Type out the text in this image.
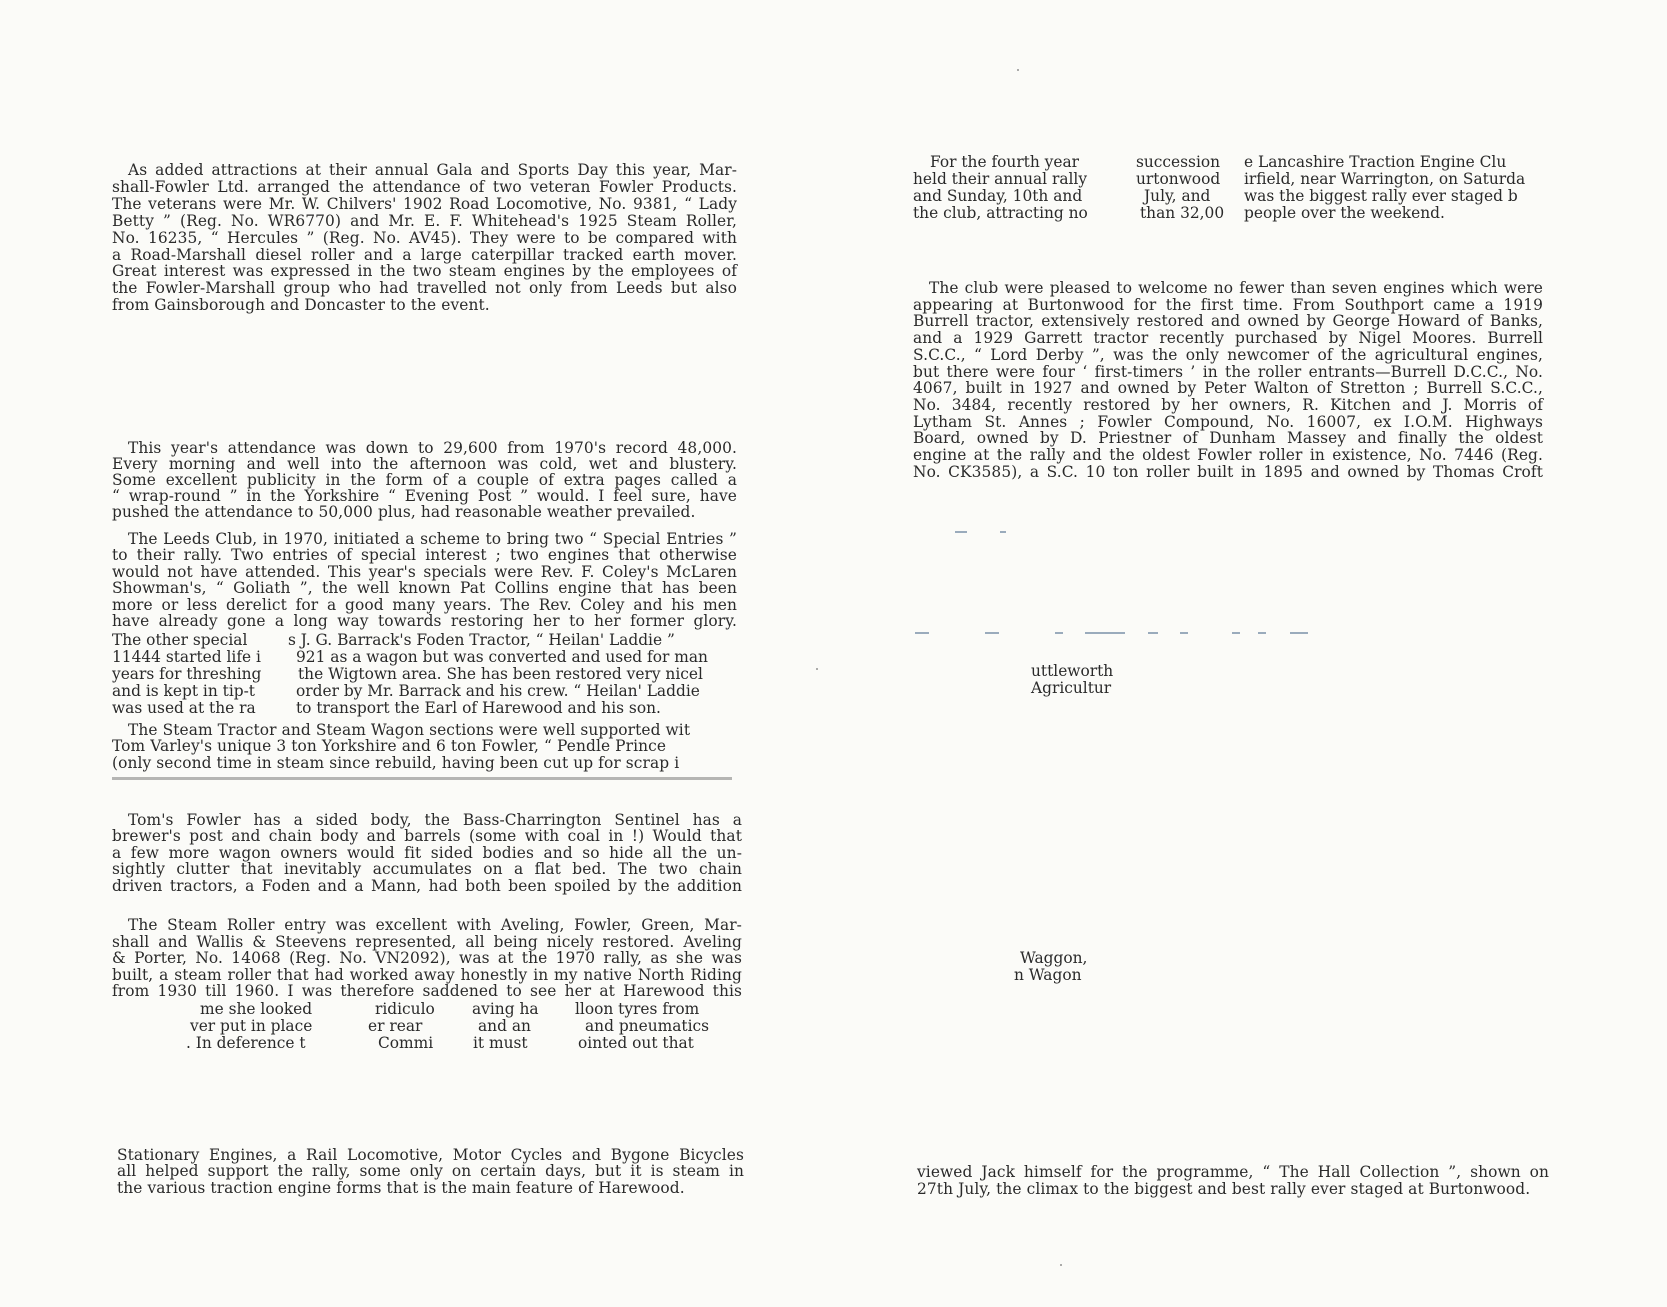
As added attractions at their annual Gala and Sports Day this year, Mar-
shall-Fowler Ltd. arranged the attendance of two veteran Fowler Products.
The veterans were Mr. W. Chilvers' 1902 Road Locomotive, No. 9381, “ Lady
Betty ” (Reg. No. WR6770) and Mr. E. F. Whitehead's 1925 Steam Roller,
No. 16235, “ Hercules ” (Reg. No. AV45). They were to be compared with
a Road-Marshall diesel roller and a large caterpillar tracked earth mover.
Great interest was expressed in the two steam engines by the employees of
the Fowler-Marshall group who had travelled not only from Leeds but also
from Gainsborough and Doncaster to the event.
This year's attendance was down to 29,600 from 1970's record 48,000.
Every morning and well into the afternoon was cold, wet and blustery.
Some excellent publicity in the form of a couple of extra pages called a
“ wrap-round ” in the Yorkshire “ Evening Post ” would. I feel sure, have
pushed the attendance to 50,000 plus, had reasonable weather prevailed.
The Leeds Club, in 1970, initiated a scheme to bring two “ Special Entries ”
to their rally. Two entries of special interest ; two engines that otherwise
would not have attended. This year's specials were Rev. F. Coley's McLaren
Showman's, “ Goliath ”, the well known Pat Collins engine that has been
more or less derelict for a good many years. The Rev. Coley and his men
have already gone a long way towards restoring her to her former glory.
The other special	s J. G. Barrack's Foden Tractor, “ Heilan' Laddie ”
11444 started life i 921 as a wagon but was converted and used for man
years for threshing the Wigtown area. She has been restored very nicel
and is kept in tip-t	order by Mr. Barrack and his crew. “ Heilan' Laddie
was used at the ra	to transport the Earl of Harewood and his son.
The Steam Tractor and Steam Wagon sections were well supported wit
Tom Varley's unique 3 ton Yorkshire and 6 ton Fowler, “ Pendle Prince
(only second time in steam since rebuild, having been cut up for scrap i
Tom's Fowler has a sided body, the Bass-Charrington Sentinel has a
brewer's post and chain body and barrels (some with coal in !) Would that
a few more wagon owners would fit sided bodies and so hide all the un-
sightly clutter that inevitably accumulates on a flat bed. The two chain
driven tractors, a Foden and a Mann, had both been spoiled by the addition
The Steam Roller entry was excellent with Aveling, Fowler, Green, Mar-
shall and Wallis & Steevens represented, all being nicely restored. Aveling
& Porter, No. 14068 (Reg. No. VN2092), was at the 1970 rally, as she was
built, a steam roller that had worked away honestly in my native North Riding
from 1930 till 1960. I was therefore saddened to see her at Harewood this
me she looked	ridiculo aving ha lloon tyres from
ver put in place	er rear	and an	and pneumatics
. In deference t	Commi	it must	ointed out that
Stationary Engines, a Rail Locomotive, Motor Cycles and Bygone Bicycles
all helped support the rally, some only on certain days, but it is steam in
the various traction engine forms that is the main feature of Harewood.
For the fourth year	succession e Lancashire Traction Engine Clu
held their annual rally	urtonwood irfield, near Warrington, on Saturda
and Sunday, 10th and	July, and was the biggest rally ever staged b
the club, attracting no	than 32,00 people over the weekend.
The club were pleased to welcome no fewer than seven engines which were
appearing at Burtonwood for the first time. From Southport came a 1919
Burrell tractor, extensively restored and owned by George Howard of Banks,
and a 1929 Garrett tractor recently purchased by Nigel Moores. Burrell
S.C.C., “ Lord Derby ”, was the only newcomer of the agricultural engines,
but there were four ‘ first-timers ’ in the roller entrants—Burrell D.C.C., No.
4067, built in 1927 and owned by Peter Walton of Stretton ; Burrell S.C.C.,
No. 3484, recently restored by her owners, R. Kitchen and J. Morris of
Lytham St. Annes ; Fowler Compound, No. 16007, ex I.O.M. Highways
Board, owned by D. Priestner of Dunham Massey and finally the oldest
engine at the rally and the oldest Fowler roller in existence, No. 7446 (Reg.
No. CK3585), a S.C. 10 ton roller built in 1895 and owned by Thomas Croft
uttleworth
Agricultur
Waggon,
n Wagon
viewed Jack himself for the programme, “ The Hall Collection ”, shown on
27th July, the climax to the biggest and best rally ever staged at Burtonwood.
